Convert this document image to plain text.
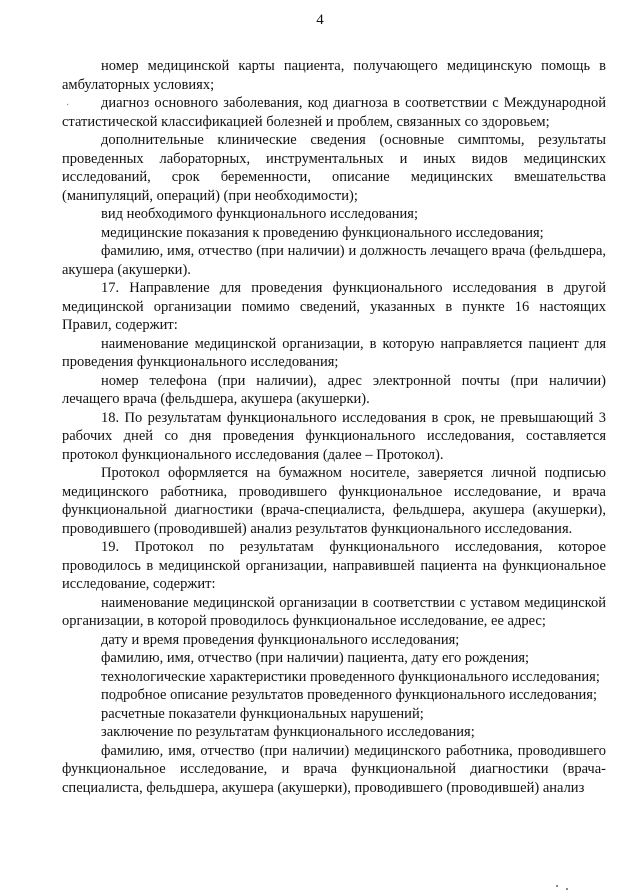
4
·

номер медицинской карты пациента, получающего медицинскую помощь в амбулаторных условиях;

диагноз основного заболевания, код диагноза в соответствии с Международной статистической классификацией болезней и проблем, связанных со здоровьем;

дополнительные клинические сведения (основные симптомы, результаты проведенных лабораторных, инструментальных и иных видов медицинских исследований, срок беременности, описание медицинских вмешательства (манипуляций, операций) (при необходимости);

вид необходимого функционального исследования;

медицинские показания к проведению функционального исследования;

фамилию, имя, отчество (при наличии) и должность лечащего врача (фельдшера, акушера (акушерки).

17. Направление для проведения функционального исследования в другой медицинской организации помимо сведений, указанных в пункте 16 настоящих Правил, содержит:

наименование медицинской организации, в которую направляется пациент для проведения функционального исследования;

номер телефона (при наличии), адрес электронной почты (при наличии) лечащего врача (фельдшера, акушера (акушерки).

18. По результатам функционального исследования в срок, не превышающий 3 рабочих дней со дня проведения функционального исследования, составляется протокол функционального исследования (далее – Протокол).

Протокол оформляется на бумажном носителе, заверяется личной подписью медицинского работника, проводившего функциональное исследование, и врача функциональной диагностики (врача-специалиста, фельдшера, акушера (акушерки), проводившего (проводившей) анализ результатов функционального исследования.

19. Протокол по результатам функционального исследования, которое проводилось в медицинской организации, направившей пациента на функциональное исследование, содержит:

наименование медицинской организации в соответствии с уставом медицинской организации, в которой проводилось функциональное исследование, ее адрес;

дату и время проведения функционального исследования;

фамилию, имя, отчество (при наличии) пациента, дату его рождения;

технологические характеристики проведенного функционального исследования;

подробное описание результатов проведенного функционального исследования;

расчетные показатели функциональных нарушений;

заключение по результатам функционального исследования;

фамилию, имя, отчество (при наличии) медицинского работника, проводившего функциональное исследование, и врача функциональной диагностики (врача-специалиста, фельдшера, акушера (акушерки), проводившего (проводившей) анализ
